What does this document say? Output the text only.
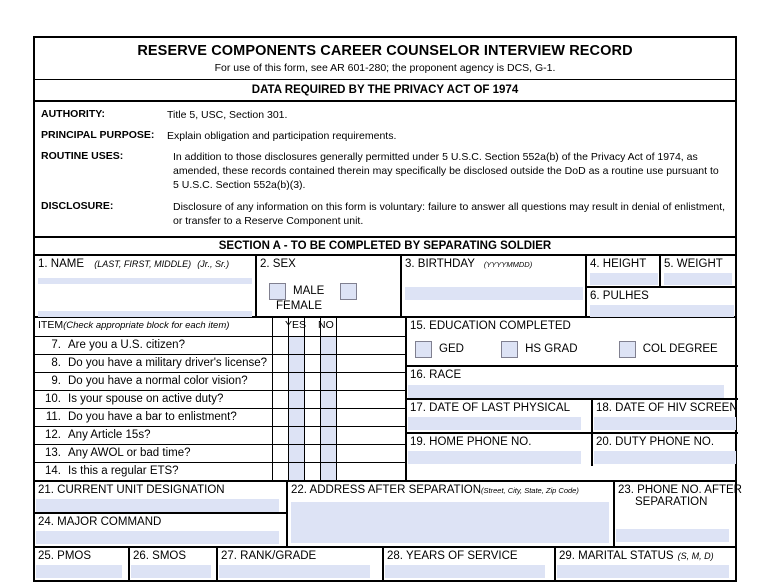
RESERVE COMPONENTS CAREER COUNSELOR INTERVIEW RECORD
For use of this form, see AR 601-280; the proponent agency is DCS, G-1.
DATA REQUIRED BY THE PRIVACY ACT OF 1974
AUTHORITY:	Title 5, USC, Section 301.
PRINCIPAL PURPOSE:	Explain obligation and participation requirements.
ROUTINE USES:	In addition to those disclosures generally permitted under 5 U.S.C. Section 552a(b) of the Privacy Act of 1974, as amended, these records contained therein may specifically be disclosed outside the DoD as a routine use pursuant to 5 U.S.C. Section 552a(b)(3).
DISCLOSURE:	Disclosure of any information on this form is voluntary: failure to answer all questions may result in denial of enlistment, or transfer to a Reserve Component unit.
SECTION A - TO BE COMPLETED BY SEPARATING SOLDIER
1. NAME (LAST, FIRST, MIDDLE) (Jr., Sr.)	2. SEX
MALE FEMALE
3. BIRTHDAY (YYYYMMDD)	4. HEIGHT	5. WEIGHT
6. PULHES
ITEM(Check appropriate block for each item)	YES NO
7. Are you a U.S. citizen?
8. Do you have a military driver's license?
9. Do you have a normal color vision?
10. Is your spouse on active duty?
11. Do you have a bar to enlistment?
12. Any Article 15s?
13. Any AWOL or bad time?
14. Is this a regular ETS?
15. EDUCATION COMPLETED
GED	HS GRAD	COL DEGREE
16. RACE
17. DATE OF LAST PHYSICAL	18. DATE OF HIV SCREEN
19. HOME PHONE NO.	20. DUTY PHONE NO.
21. CURRENT UNIT DESIGNATION
24. MAJOR COMMAND
22. ADDRESS AFTER SEPARATION(Street, City, State, Zip Code)	23. PHONE NO. AFTER
SEPARATION
25. PMOS	26. SMOS	27. RANK/GRADE	28. YEARS OF SERVICE	29. MARITAL STATUS (S, M, D)
